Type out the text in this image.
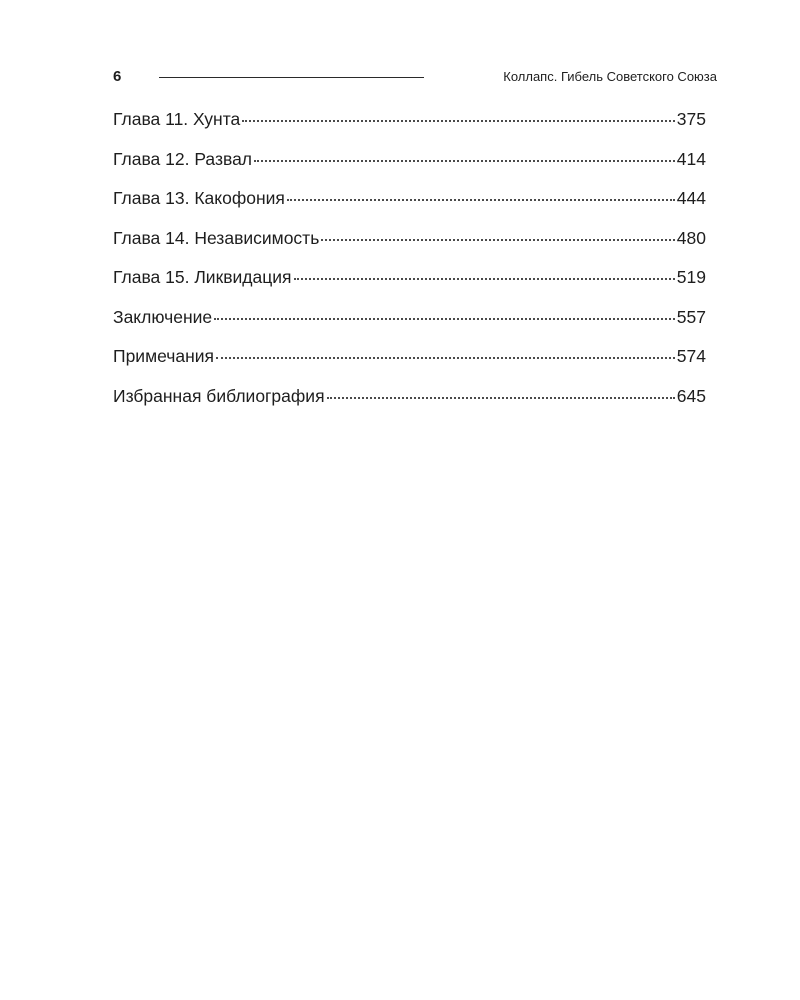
6	Коллапс. Гибель Советского Союза
Глава 11. Хунта	375
Глава 12. Развал	414
Глава 13. Какофония	444
Глава 14. Независимость	480
Глава 15. Ликвидация	519
Заключение	557
Примечания	574
Избранная библиография	645
